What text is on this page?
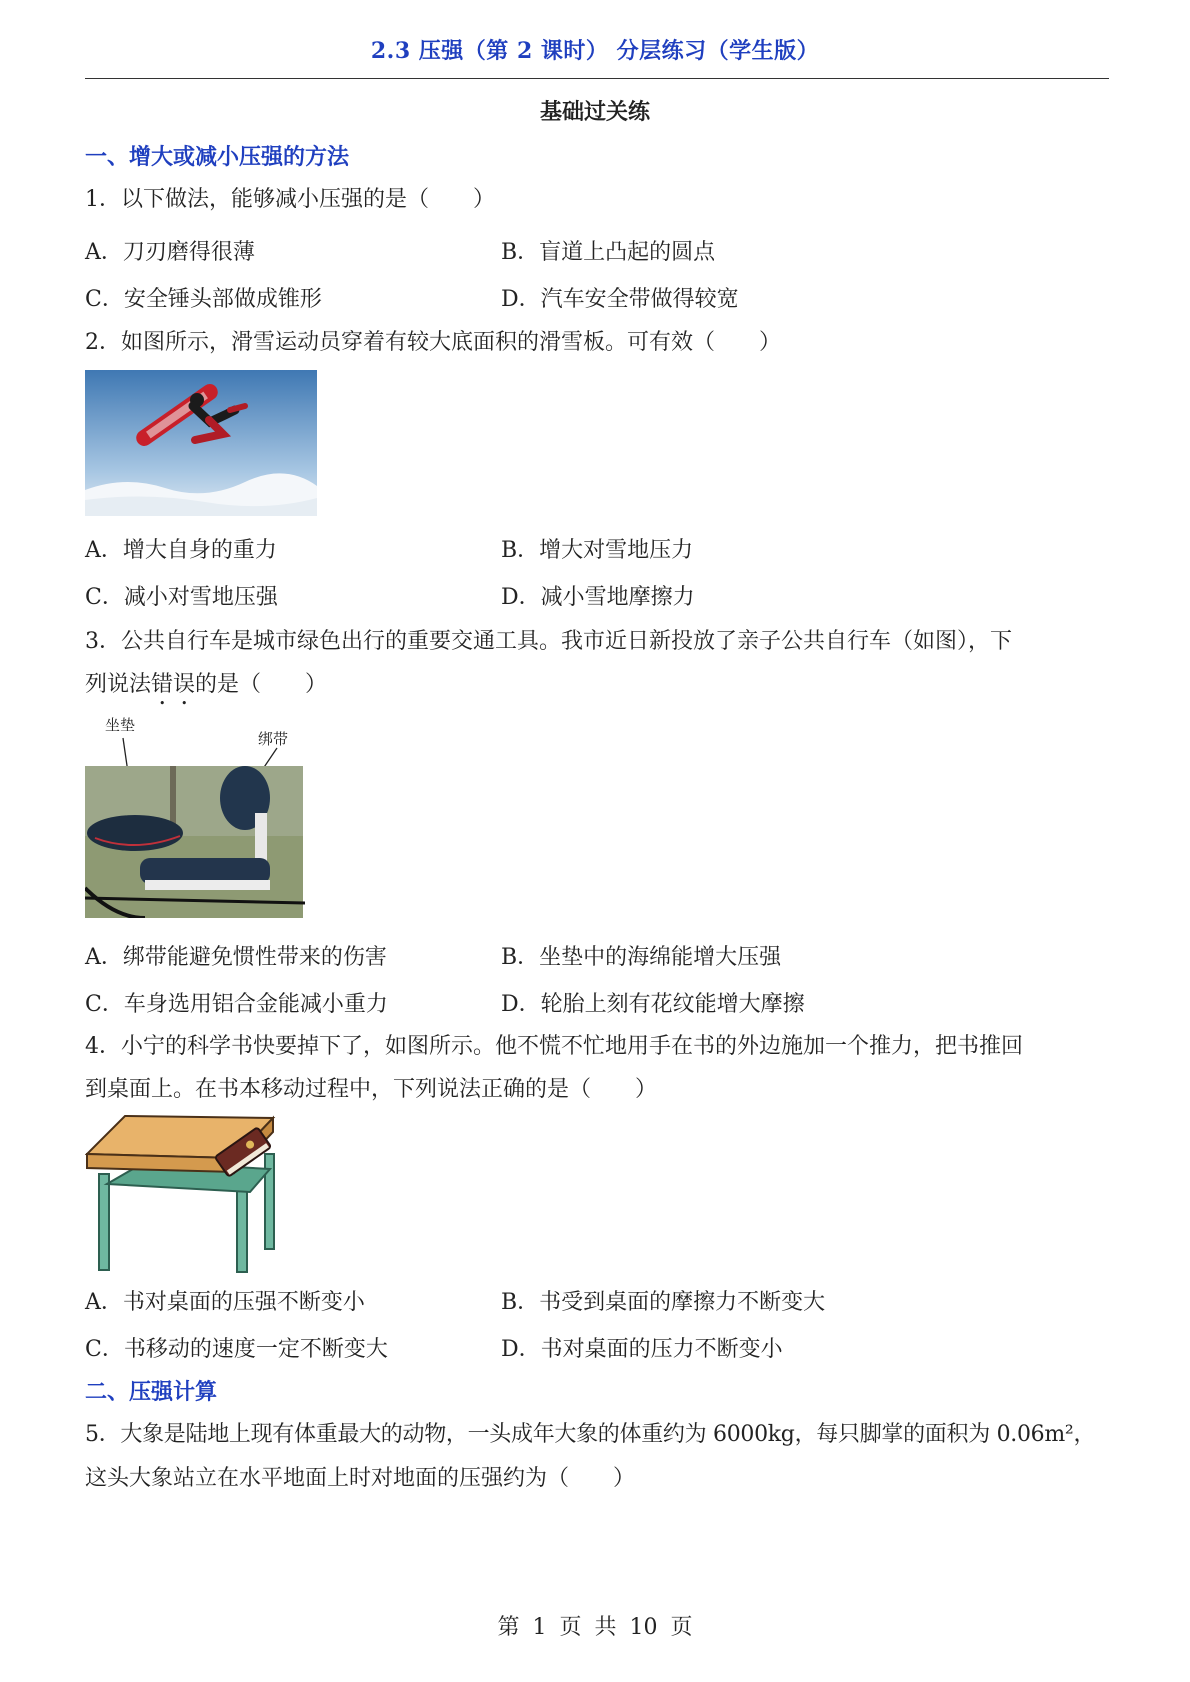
2.3 压强（第 2 课时） 分层练习（学生版）
基础过关练
一、增大或减小压强的方法
1．以下做法，能够减小压强的是（　　）
A．刀刃磨得很薄	B．盲道上凸起的圆点
C．安全锤头部做成锥形	D．汽车安全带做得较宽
2．如图所示，滑雪运动员穿着有较大底面积的滑雪板。可有效（　　）
A．增大自身的重力	B．增大对雪地压力
C．减小对雪地压强	D．减小雪地摩擦力
3．公共自行车是城市绿色出行的重要交通工具。我市近日新投放了亲子公共自行车（如图），下
列说法错误的是（　　）
坐垫
绑带
A．绑带能避免惯性带来的伤害	B．坐垫中的海绵能增大压强
C．车身选用铝合金能减小重力	D．轮胎上刻有花纹能增大摩擦
4．小宁的科学书快要掉下了，如图所示。他不慌不忙地用手在书的外边施加一个推力，把书推回
到桌面上。在书本移动过程中，下列说法正确的是（　　）
A．书对桌面的压强不断变小	B．书受到桌面的摩擦力不断变大
C．书移动的速度一定不断变大	D．书对桌面的压力不断变小
二、压强计算
5．大象是陆地上现有体重最大的动物，一头成年大象的体重约为 6000kg，每只脚掌的面积为 0.06m²，
这头大象站立在水平地面上时对地面的压强约为（　　）
第 1 页 共 10 页
